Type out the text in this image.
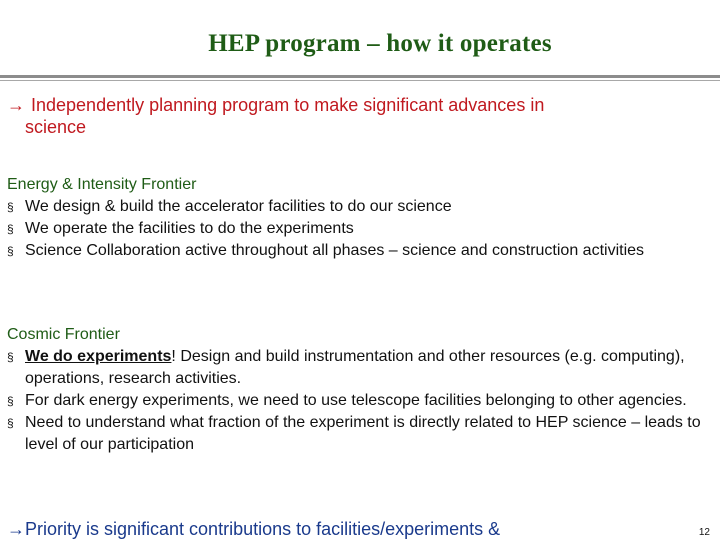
HEP program – how it operates
→ Independently planning program to make significant advances in
science
Energy & Intensity Frontier
§ We design & build the accelerator facilities to do our science
§ We operate the facilities to do the experiments
§ Science Collaboration active throughout all phases – science and construction activities
Cosmic Frontier
§ We do experiments! Design and build instrumentation and other resources (e.g. computing), operations, research activities.
§ For dark energy experiments, we need to use telescope facilities belonging to other agencies.
§ Need to understand what fraction of the experiment is directly related to HEP science – leads to level of our participation
→Priority is significant contributions to facilities/experiments &	12
